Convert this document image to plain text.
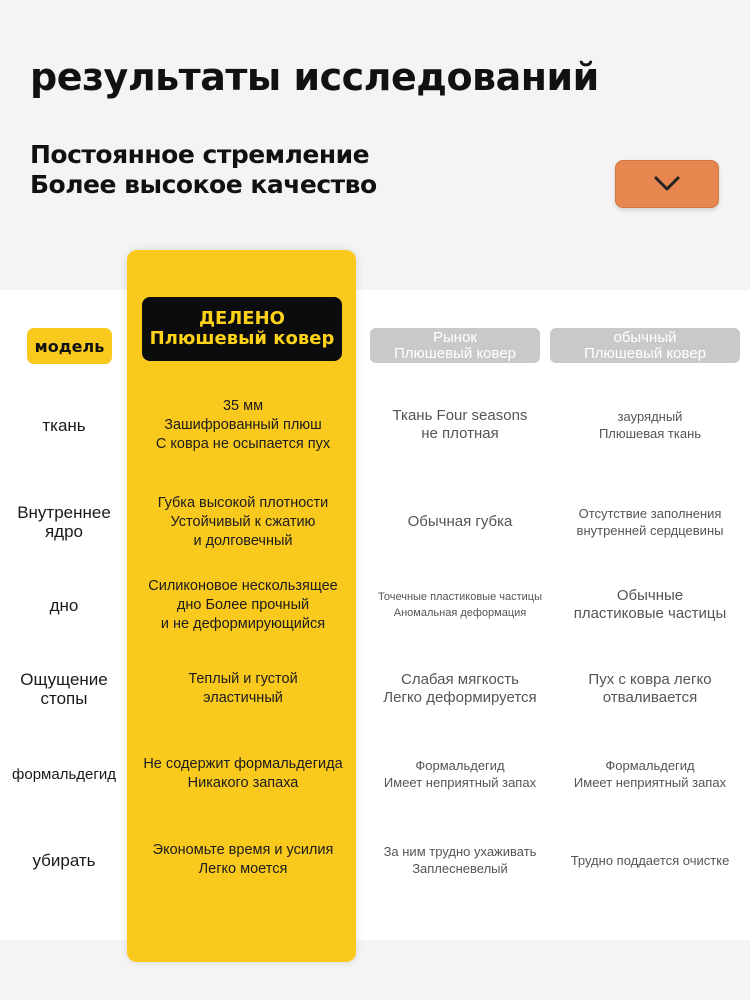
результаты исследований
Постоянное стремление
Более высокое качество
модель
ДЕЛЕНО
Плюшевый ковер	Рынок
Плюшевый ковер
обычный
Плюшевый ковер
ткань
35 мм
Зашифрованный плюш
С ковра не осыпается пух
Ткань Four seasons
не плотная
заурядный
Плюшевая ткань
Внутреннее
ядро
Губка высокой плотности
Устойчивый к сжатию
и долговечный
Обычная губка	Отсутствие заполнения
внутренней сердцевины
дно
Силиконовое нескользящее
дно Более прочный
и не деформирующийся
Точечные пластиковые частицы
Аномальная деформация
Обычные
пластиковые частицы
Ощущение
стопы
Теплый и густой
эластичный
Слабая мягкость
Легко деформируется
Пух с ковра легко
отваливается
формальдегид
Не содержит формальдегида
Никакого запаха
Формальдегид
Имеет неприятный запах
Формальдегид
Имеет неприятный запах
убирать
Экономьте время и усилия
Легко моется
За ним трудно ухаживать
Заплесневелый
Трудно поддается очистке
